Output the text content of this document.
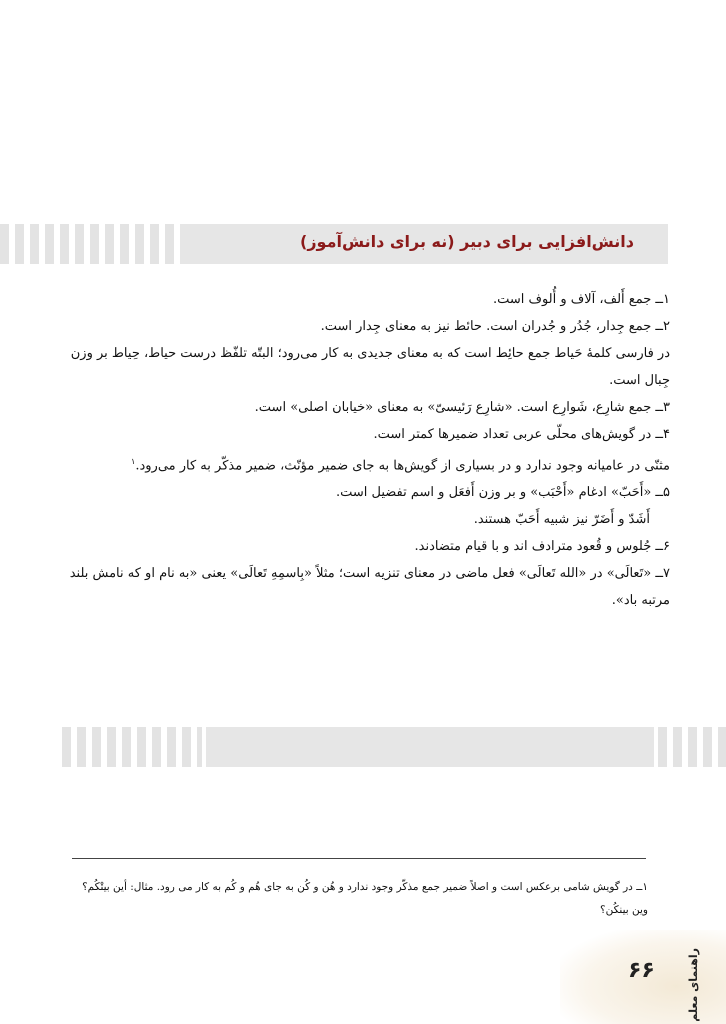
دانش‌افزایی برای دبیر (نه برای دانش‌آموز)

۱ــ جمع أَلف، آلاف و أُلوف است.

۲ــ جمع جِدار، جُدُر و جُدران است. حائط نیز به معنای جِدار است.

در فارسی کلمهٔ حَیاط جمع حائِط است که به معنای جدیدی به کار می‌رود؛ البتّه تلفّظ درست حیاط، حِیاط بر وزن جِبال است.

۳ــ جمع شارِع، شَوارِع است. «شارِع رَئیسیّ» به معنای «خیابان اصلی» است.

۴ــ در گویش‌های محلّی عربی تعداد ضمیرها کمتر است.

مثنّی در عامیانه وجود ندارد و در بسیاری از گویش‌ها به جای ضمیر مؤنّث، ضمیر مذکّر به کار می‌رود.$^۱$

۵ــ «أَحَبّ» ادغام «أَحْبَب» و بر وزن أَفعَل و اسم تفضیل است.

أَشَدّ و أَضَرّ نیز شبیه أَحَبّ هستند.

۶ــ جُلوس و قُعود مترادف اند و با قیام متضادند.

۷ــ «تَعالَی» در «الله تَعالَی» فعل ماضی در معنای تنزیه است؛ مثلاً «بِاسمِهِ تَعالَی» یعنی «به نام او که نامش بلند مرتبه باد».

۱ــ در گویش شامی برعکس است و اصلاً ضمیر جمع مذکّر وجود ندارد و هُن و کُن به جای هُم و کُم به کار می رود. مثال: أین بیتْکُم؟ وین بینکُن؟

۶۶	راهنمای معلم
